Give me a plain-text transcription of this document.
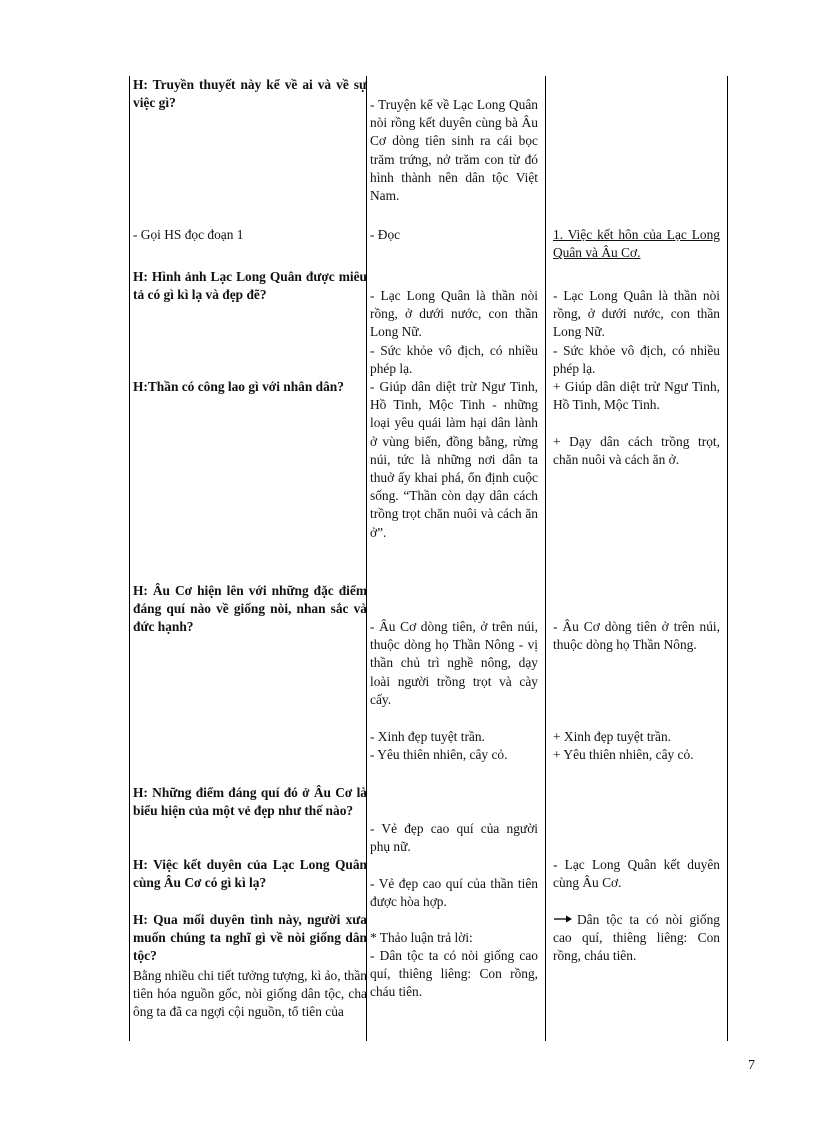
H: Truyền thuyết này kể về ai và về sự việc gì?

- Gọi HS đọc đoạn 1

H: Hình ảnh Lạc Long Quân được miêu tả có gì kì lạ và đẹp đẽ?

H:Thần có công lao gì với nhân dân?

H: Âu Cơ hiện lên với những đặc điểm đáng quí nào về giống nòi, nhan sắc và đức hạnh?

H: Những điểm đáng quí đó ở Âu Cơ là biểu hiện của một vẻ đẹp như thế nào?

H: Việc kết duyên của Lạc Long Quân cùng Âu Cơ có gì kì lạ?

H: Qua mối duyên tình này, người xưa muốn chúng ta nghĩ gì về nòi giống dân tộc?

Bằng nhiều chi tiết tưởng tượng, kì ảo, thần tiên hóa nguồn gốc, nòi giống dân tộc, cha ông ta đã ca ngợi cội nguồn, tổ tiên của

- Truyện kể về Lạc Long Quân nòi rồng kết duyên cùng bà Âu Cơ dòng tiên sinh ra cái bọc trăm trứng, nở trăm con từ đó hình thành nên dân tộc Việt Nam.

- Đọc

- Lạc Long Quân là thần nòi rồng, ở dưới nước, con thần Long Nữ.

- Sức khỏe vô địch, có nhiều phép lạ.

- Giúp dân diệt trừ Ngư Tinh, Hồ Tinh, Mộc Tinh - những loại yêu quái làm hại dân lành ở vùng biển, đồng bằng, rừng núi, tức là những nơi dân ta thuở ấy khai phá, ổn định cuộc sống. “Thần còn dạy dân cách trồng trọt chăn nuôi và cách ăn ở”.

- Âu Cơ dòng tiên, ở trên núi, thuộc dòng họ Thần Nông - vị thần chủ trì nghề nông, dạy loài người trồng trọt và cày cấy.

- Xinh đẹp tuyệt trần.

- Yêu thiên nhiên, cây cỏ.

- Vẻ đẹp cao quí của người phụ nữ.

- Vẻ đẹp cao quí của thần tiên được hòa hợp.

* Thảo luận trả lời:

- Dân tộc ta có nòi giống cao quí, thiêng liêng: Con rồng, cháu tiên.

1. Việc kết hôn của Lạc Long Quân và Âu Cơ.

- Lạc Long Quân là thần nòi rồng, ở dưới nước, con thần Long Nữ.

- Sức khỏe vô địch, có nhiều phép lạ.

+ Giúp dân diệt trừ Ngư Tinh, Hồ Tinh, Mộc Tinh.

+ Dạy dân cách trồng trọt, chăn nuôi và cách ăn ở.

- Âu Cơ dòng tiên ở trên núi, thuộc dòng họ Thần Nông.

+ Xinh đẹp tuyệt trần.

+ Yêu thiên nhiên, cây cỏ.

- Lạc Long Quân kết duyên cùng Âu Cơ.

Dân tộc ta có nòi giống cao quí, thiêng liêng: Con rồng, cháu tiên.

7
